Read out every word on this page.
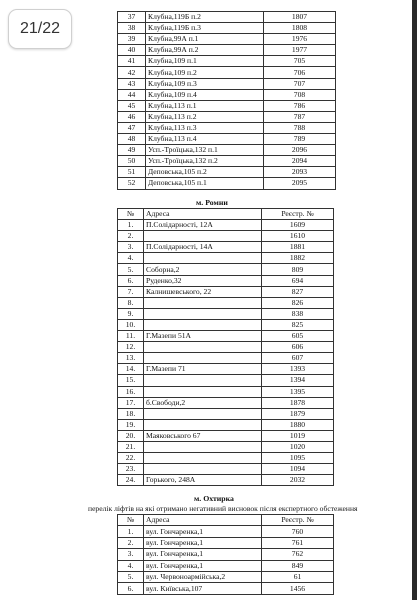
21 / 22
37	Клубна,119Б п.2	1807
38	Клубна,119Б п.3	1808
39	Клубна,99А п.1	1976
40	Клубна,99А п.2	1977
41	Клубна,109 п.1	705
42	Клубна,109 п.2	706
43	Клубна,109 п.3	707
44	Клубна,109 п.4	708
45	Клубна,113 п.1	786
46	Клубна,113 п.2	787
47	Клубна,113 п.3	788
48	Клубна,113 п.4	789
49	Усп.-Троїцька,132 п.1	2096
50	Усп.-Троїцька,132 п.2	2094
51	Деповська,105 п.2	2093
52	Деповська,105 п.1	2095
м. Ромни
№	Адреса	Реєстр. №
1.	П.Солідарності, 12А	1609
2.		1610
3.	П.Солідарності, 14А	1881
4.		1882
5.	Соборна,2	809
6.	Руденко,32	694
7.	Калнишевського, 22	827
8.		826
9.		838
10.		825
11.	Г.Мазепи 51А	605
12.		606
13.		607
14.	Г.Мазепи 71	1393
15.		1394
16.		1395
17.	б.Свободи,2	1878
18.		1879
19.		1880
20.	Маяковського 67	1019
21.		1020
22.		1095
23.		1094
24.	Горького, 248А	2032
м. Охтирка
перелік ліфтів на які отримано негативний висновок після експертного обстеження
№	Адреса	Реєстр. №
1.	вул. Гончаренка,1	760
2.	вул. Гончаренка,1	761
3.	вул. Гончаренка,1	762
4.	вул. Гончаренка,1	849
5.	вул. Червоноармійська,2	61
6.	вул. Київська,107	1456
